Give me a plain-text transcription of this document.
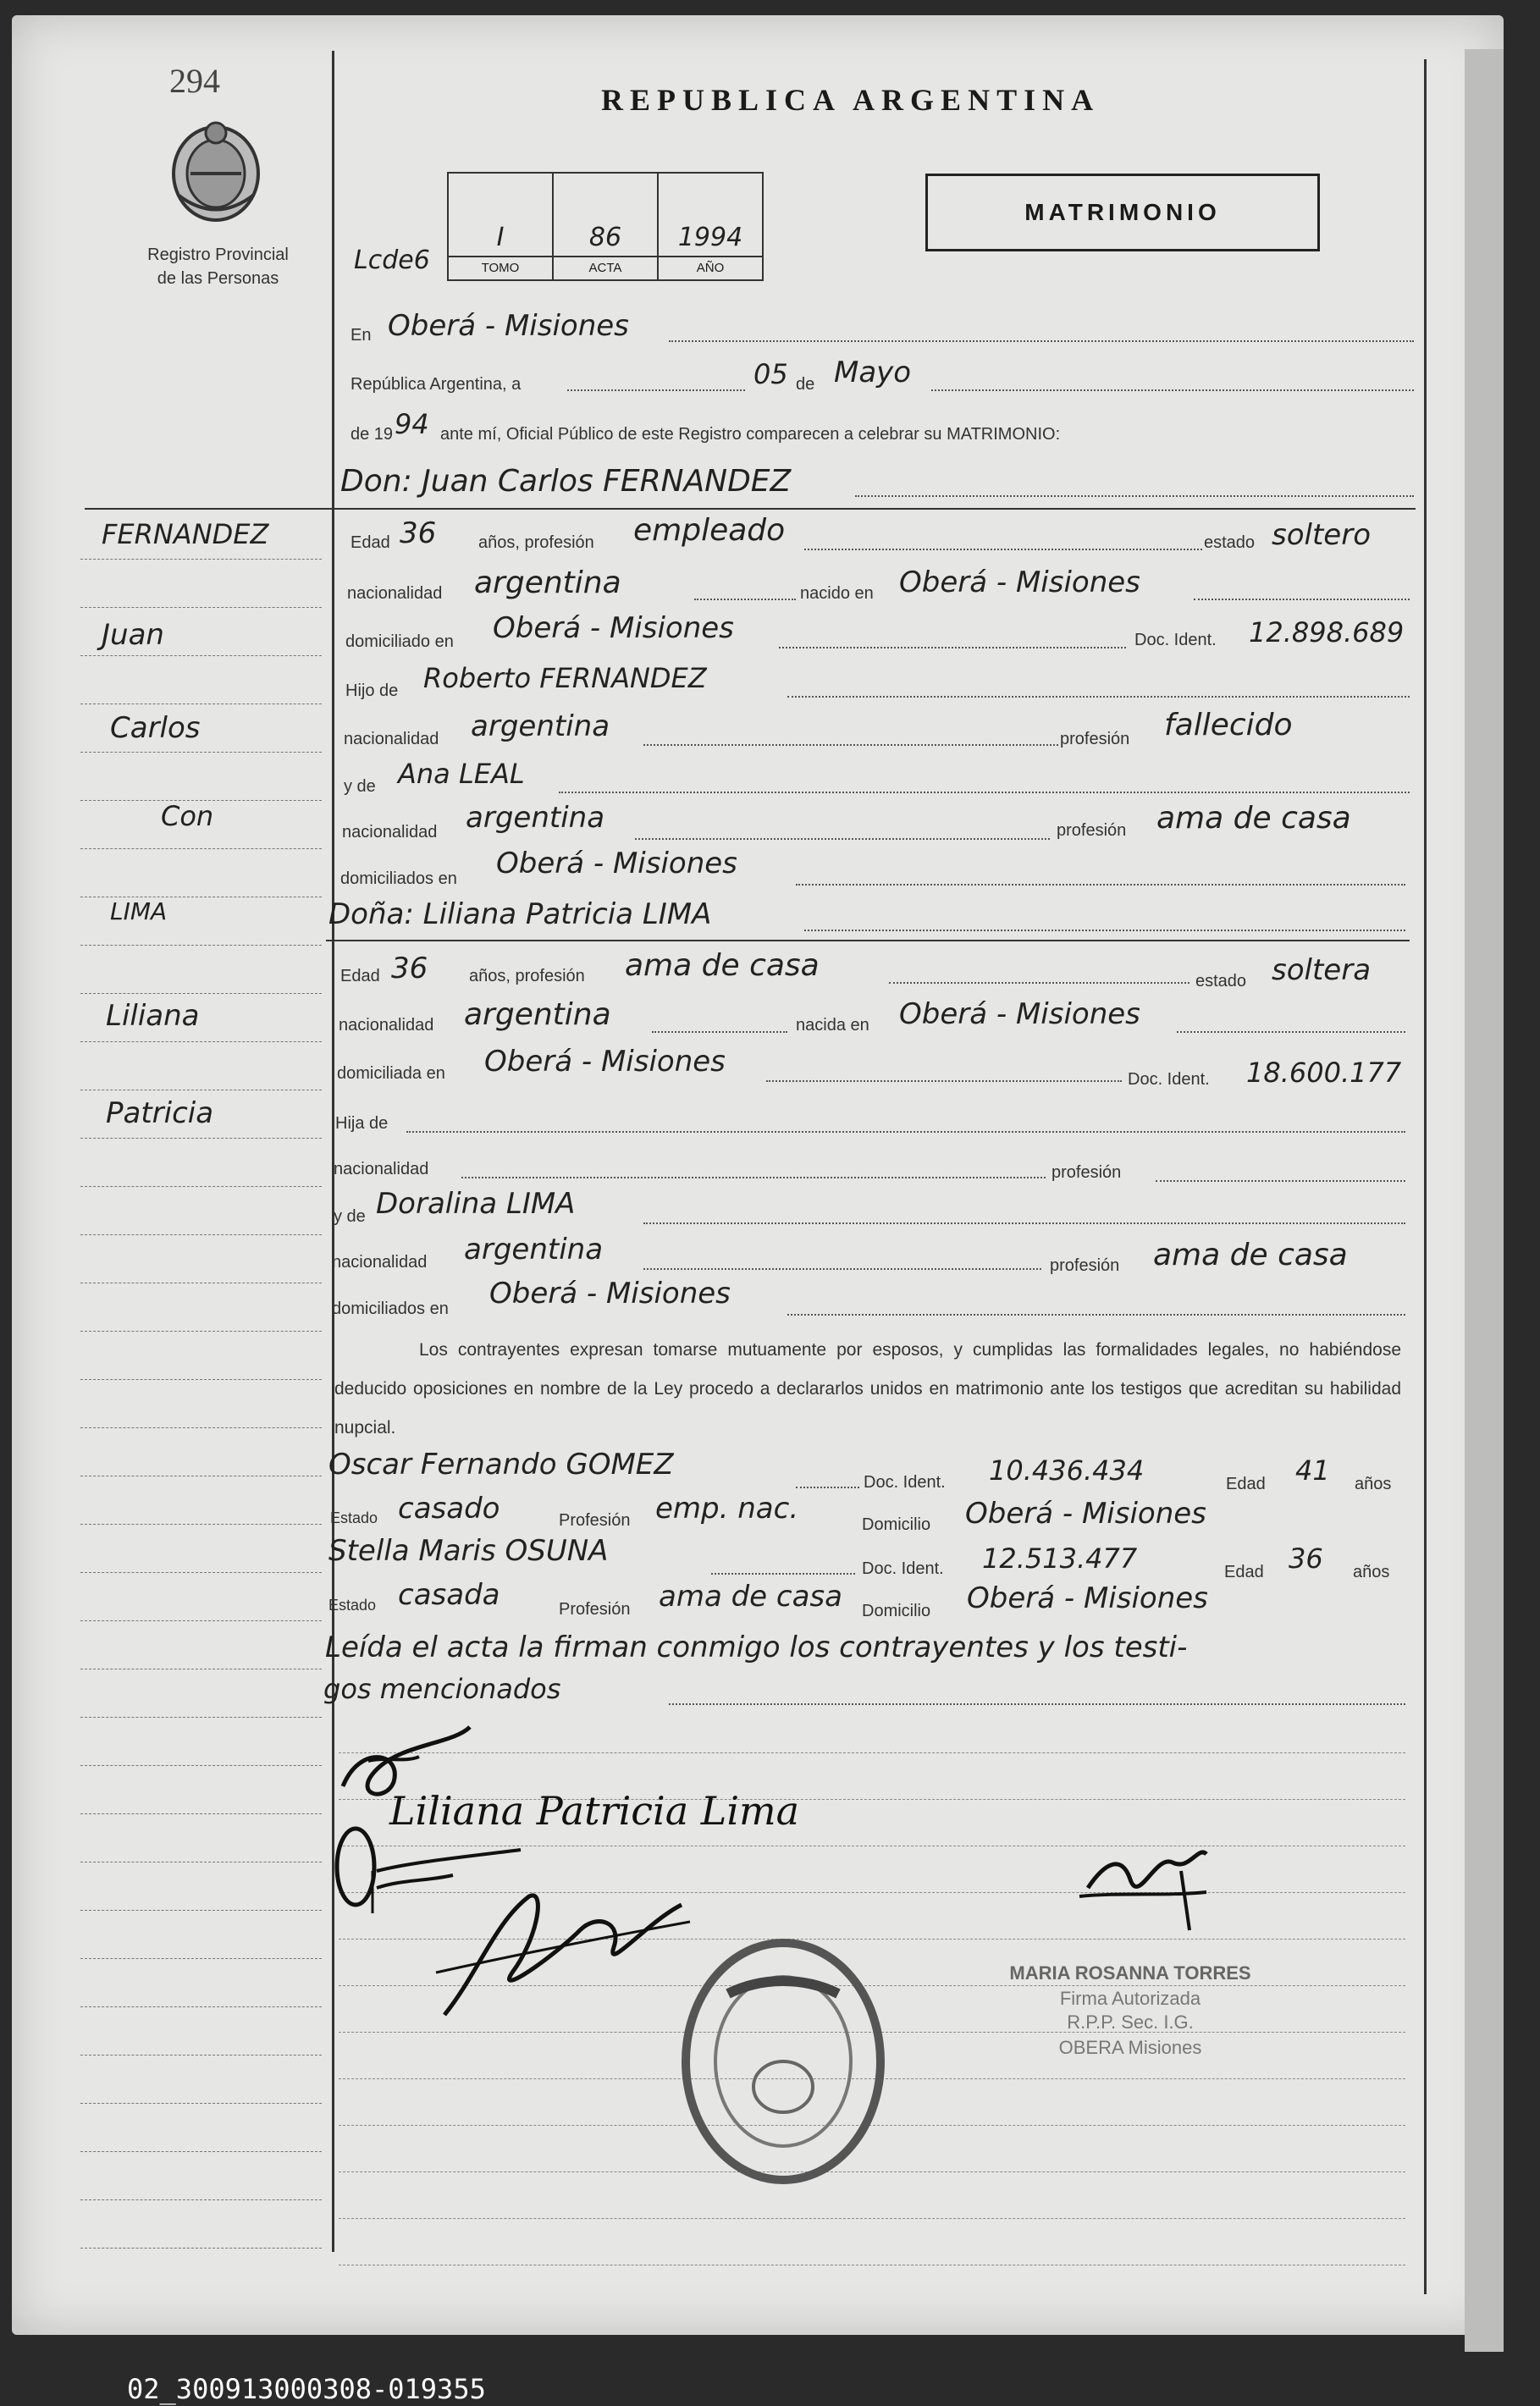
294
Registro Provincial
de las Personas
REPUBLICA ARGENTINA
MATRIMONIO
Lcde6
I
TOMO
86
ACTA
1994
AÑO
En Oberá - Misiones
República Argentina, a	05 de Mayo
de 19 94 ante mí, Oficial Público de este Registro comparecen a celebrar su MATRIMONIO:
Don: Juan Carlos FERNANDEZ
FERNANDEZ
Juan
Carlos
Con
LIMA
Liliana
Patricia
Edad 36 años, profesión empleado	estado soltero
nacionalidad argentina	nacido en Oberá - Misiones
domiciliado en Oberá - Misiones	Doc. Ident. 12.898.689
Hijo de Roberto FERNANDEZ
nacionalidad argentina	profesión fallecido
y de Ana LEAL
nacionalidad argentina	profesión ama de casa
domiciliados en Oberá - Misiones
Doña: Liliana Patricia LIMA
Edad 36 años, profesión ama de casa	estado soltera
nacionalidad argentina	nacida en Oberá - Misiones
domiciliada en Oberá - Misiones
Doc. Ident. 18.600.177
Hija de
nacionalidad	profesión
y de Doralina LIMA
nacionalidad argentina	profesión ama de casa
domiciliados en Oberá - Misiones
Los contrayentes expresan tomarse mutuamente por esposos, y cumplidas las formalidades legales, no habiéndose deducido oposiciones en nombre de la Ley procedo a declararlos unidos en matrimonio ante los testigos que acreditan su habilidad nupcial.
Oscar Fernando GOMEZ
Doc. Ident. 10.436.434	Edad 41 años
Estado casado	Profesión emp. nac.	Domicilio Oberá - Misiones
Stella Maris OSUNA
Doc. Ident. 12.513.477	Edad 36 años
Estado casada	Profesión ama de casa Domicilio Oberá - Misiones
Leída el acta la firman conmigo los contrayentes y los testi-
gos mencionados
Liliana Patricia Lima
MARIA ROSANNA TORRES
Firma Autorizada
R.P.P. Sec. I.G.
OBERA Misiones
02_300913000308-019355
